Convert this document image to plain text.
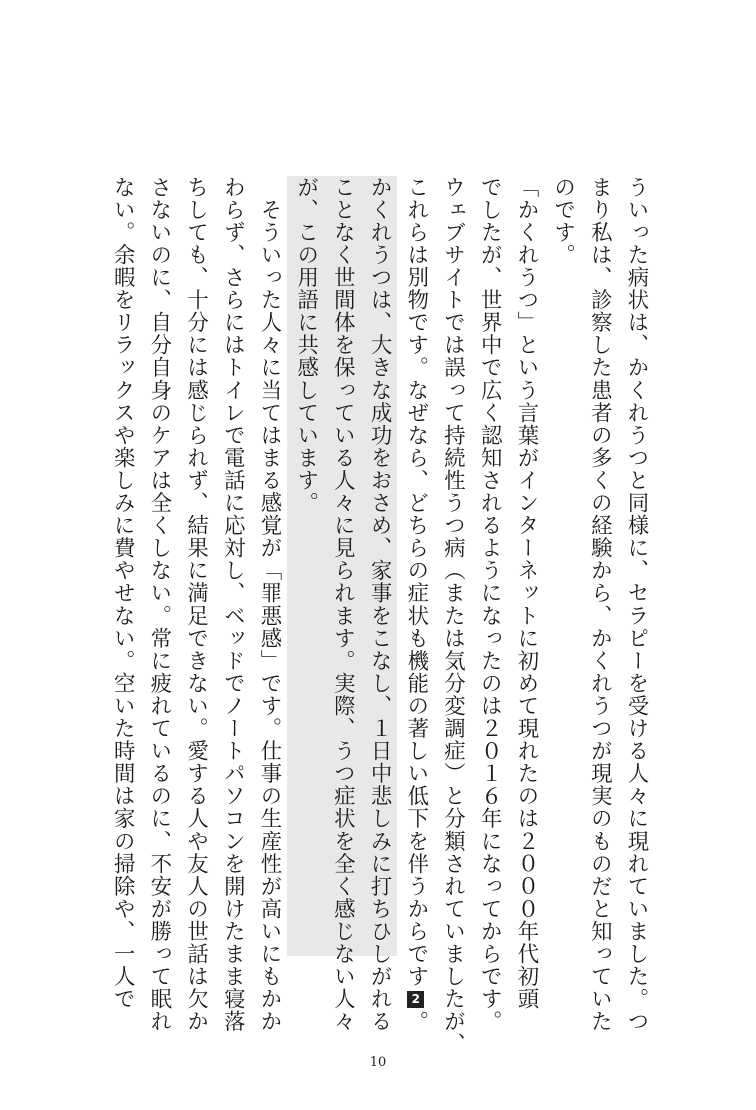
ういった病状は、かくれうつと同様に、セラピーを受ける人々に現れていました。つ
まり私は、診察した患者の多くの経験から、かくれうつが現実のものだと知っていた
のです。
「かくれうつ」という言葉がインターネットに初めて現れたのは２０００年代初頭
でしたが、世界中で広く認知されるようになったのは２０１６年になってからです。
ウェブサイトでは誤って持続性うつ病（または気分変調症）と分類されていましたが、
これらは別物です。なぜなら、どちらの症状も機能の著しい低下を伴うからです2。
かくれうつは、大きな成功をおさめ、家事をこなし、１日中悲しみに打ちひしがれる
ことなく世間体を保っている人々に見られます。実際、うつ症状を全く感じない人々
が、この用語に共感しています。
　そういった人々に当てはまる感覚が「罪悪感」です。仕事の生産性が高いにもかか
わらず、さらにはトイレで電話に応対し、ベッドでノートパソコンを開けたまま寝落
ちしても、十分には感じられず、結果に満足できない。愛する人や友人の世話は欠か
さないのに、自分自身のケアは全くしない。常に疲れているのに、不安が勝って眠れ
ない。余暇をリラックスや楽しみに費やせない。空いた時間は家の掃除や、一人で
10
